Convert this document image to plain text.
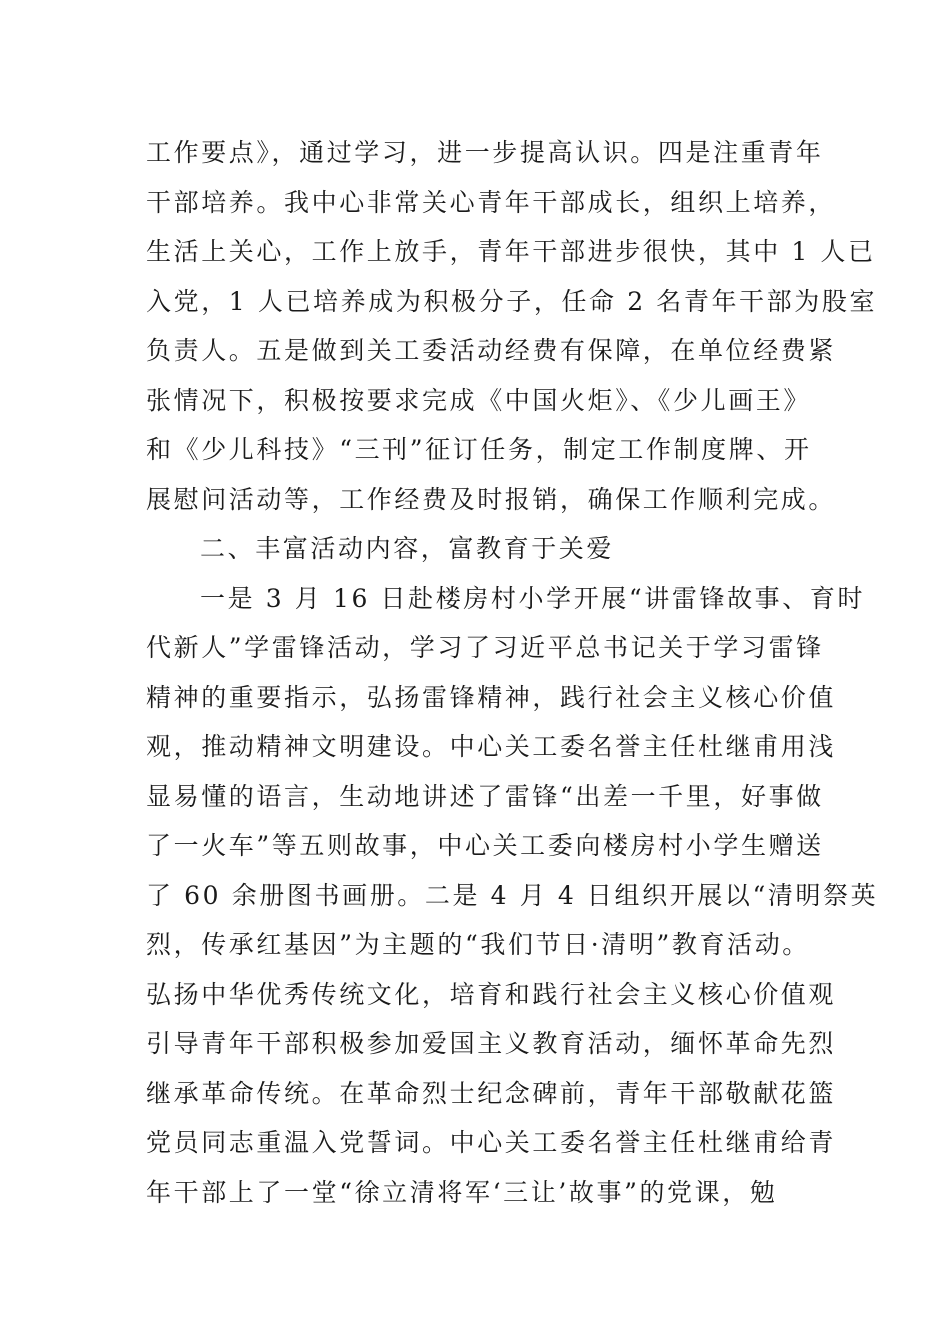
工作要点》，通过学习，进一步提高认识。四是注重青年
干部培养。我中心非常关心青年干部成长，组织上培养，
生活上关心，工作上放手，青年干部进步很快，其中 1 人已
入党，1 人已培养成为积极分子，任命 2 名青年干部为股室
负责人。五是做到关工委活动经费有保障，在单位经费紧
张情况下，积极按要求完成《中国火炬》、《少儿画王》
和《少儿科技》“三刊”征订任务，制定工作制度牌、开
展慰问活动等，工作经费及时报销，确保工作顺利完成。
二、丰富活动内容，富教育于关爱
一是 3 月 16 日赴楼房村小学开展“讲雷锋故事、育时
代新人”学雷锋活动，学习了习近平总书记关于学习雷锋
精神的重要指示，弘扬雷锋精神，践行社会主义核心价值
观，推动精神文明建设。中心关工委名誉主任杜继甫用浅
显易懂的语言，生动地讲述了雷锋“出差一千里，好事做
了一火车”等五则故事，中心关工委向楼房村小学生赠送
了 60 余册图书画册。二是 4 月 4 日组织开展以“清明祭英
烈，传承红基因”为主题的“我们节日·清明”教育活动。
弘扬中华优秀传统文化，培育和践行社会主义核心价值观
引导青年干部积极参加爱国主义教育活动，缅怀革命先烈
继承革命传统。在革命烈士纪念碑前，青年干部敬献花篮
党员同志重温入党誓词。中心关工委名誉主任杜继甫给青
年干部上了一堂“徐立清将军‘三让’故事”的党课，勉
